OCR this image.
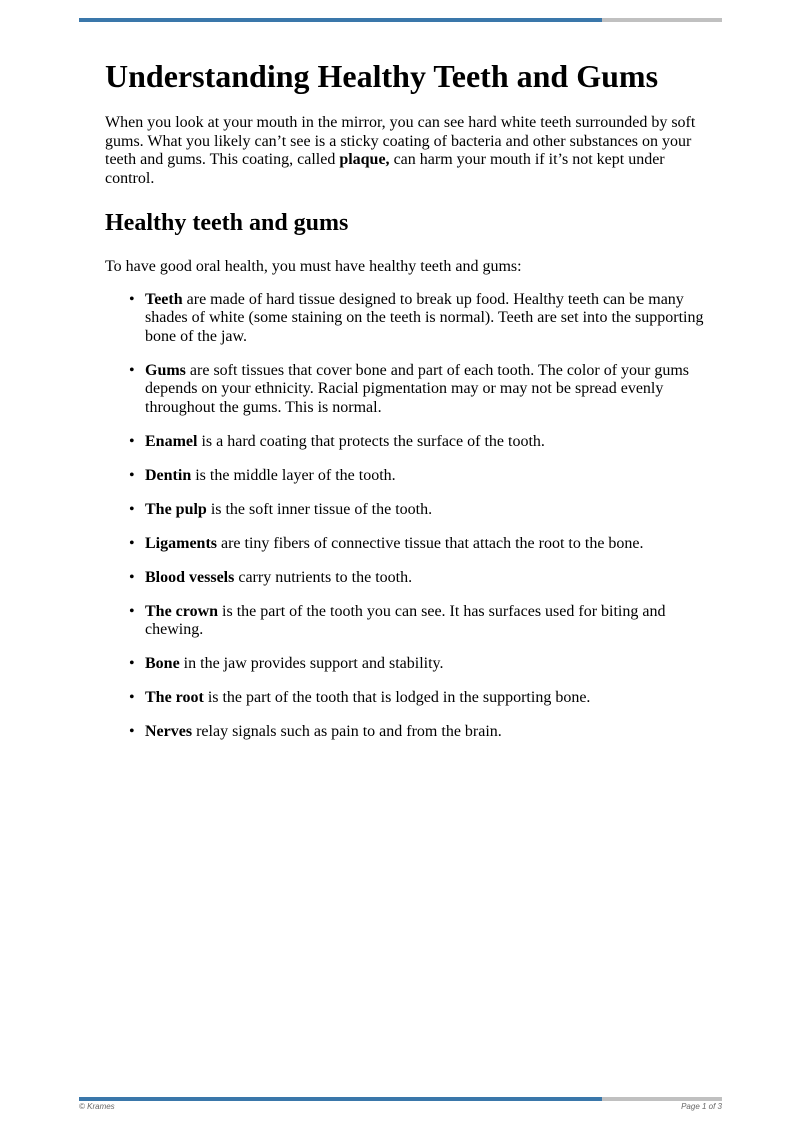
Understanding Healthy Teeth and Gums

When you look at your mouth in the mirror, you can see hard white teeth surrounded by soft gums. What you likely can’t see is a sticky coating of bacteria and other substances on your teeth and gums. This coating, called plaque, can harm your mouth if it’s not kept under control.

Healthy teeth and gums

To have good oral health, you must have healthy teeth and gums:

• Teeth are made of hard tissue designed to break up food. Healthy teeth can be many shades of white (some staining on the teeth is normal). Teeth are set into the supporting bone of the jaw.
• Gums are soft tissues that cover bone and part of each tooth. The color of your gums depends on your ethnicity. Racial pigmentation may or may not be spread evenly throughout the gums. This is normal.
• Enamel is a hard coating that protects the surface of the tooth.
• Dentin is the middle layer of the tooth.
• The pulp is the soft inner tissue of the tooth.
• Ligaments are tiny fibers of connective tissue that attach the root to the bone.
• Blood vessels carry nutrients to the tooth.
• The crown is the part of the tooth you can see. It has surfaces used for biting and chewing.
• Bone in the jaw provides support and stability.
• The root is the part of the tooth that is lodged in the supporting bone.
• Nerves relay signals such as pain to and from the brain.
© Krames	Page 1 of 3
